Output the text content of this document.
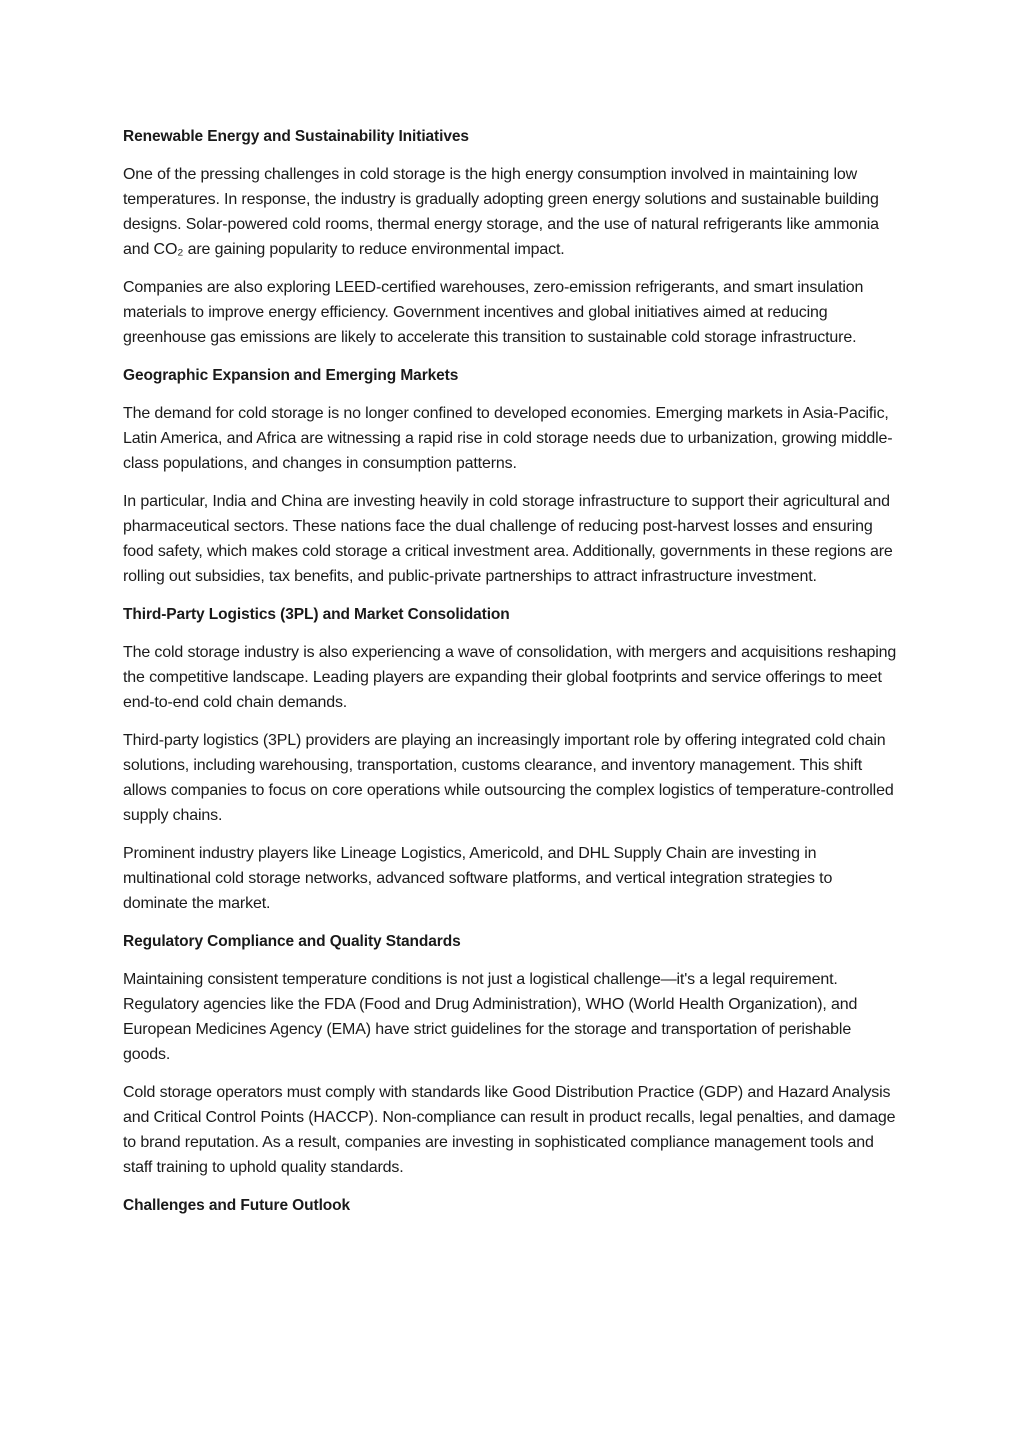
Renewable Energy and Sustainability Initiatives

One of the pressing challenges in cold storage is the high energy consumption involved in maintaining low temperatures. In response, the industry is gradually adopting green energy solutions and sustainable building designs. Solar-powered cold rooms, thermal energy storage, and the use of natural refrigerants like ammonia and CO₂ are gaining popularity to reduce environmental impact.

Companies are also exploring LEED-certified warehouses, zero-emission refrigerants, and smart insulation materials to improve energy efficiency. Government incentives and global initiatives aimed at reducing greenhouse gas emissions are likely to accelerate this transition to sustainable cold storage infrastructure.

Geographic Expansion and Emerging Markets

The demand for cold storage is no longer confined to developed economies. Emerging markets in Asia-Pacific, Latin America, and Africa are witnessing a rapid rise in cold storage needs due to urbanization, growing middle-class populations, and changes in consumption patterns.

In particular, India and China are investing heavily in cold storage infrastructure to support their agricultural and pharmaceutical sectors. These nations face the dual challenge of reducing post-harvest losses and ensuring food safety, which makes cold storage a critical investment area. Additionally, governments in these regions are rolling out subsidies, tax benefits, and public-private partnerships to attract infrastructure investment.

Third-Party Logistics (3PL) and Market Consolidation

The cold storage industry is also experiencing a wave of consolidation, with mergers and acquisitions reshaping the competitive landscape. Leading players are expanding their global footprints and service offerings to meet end-to-end cold chain demands.

Third-party logistics (3PL) providers are playing an increasingly important role by offering integrated cold chain solutions, including warehousing, transportation, customs clearance, and inventory management. This shift allows companies to focus on core operations while outsourcing the complex logistics of temperature-controlled supply chains.

Prominent industry players like Lineage Logistics, Americold, and DHL Supply Chain are investing in multinational cold storage networks, advanced software platforms, and vertical integration strategies to dominate the market.

Regulatory Compliance and Quality Standards

Maintaining consistent temperature conditions is not just a logistical challenge—it's a legal requirement. Regulatory agencies like the FDA (Food and Drug Administration), WHO (World Health Organization), and European Medicines Agency (EMA) have strict guidelines for the storage and transportation of perishable goods.

Cold storage operators must comply with standards like Good Distribution Practice (GDP) and Hazard Analysis and Critical Control Points (HACCP). Non-compliance can result in product recalls, legal penalties, and damage to brand reputation. As a result, companies are investing in sophisticated compliance management tools and staff training to uphold quality standards.

Challenges and Future Outlook
